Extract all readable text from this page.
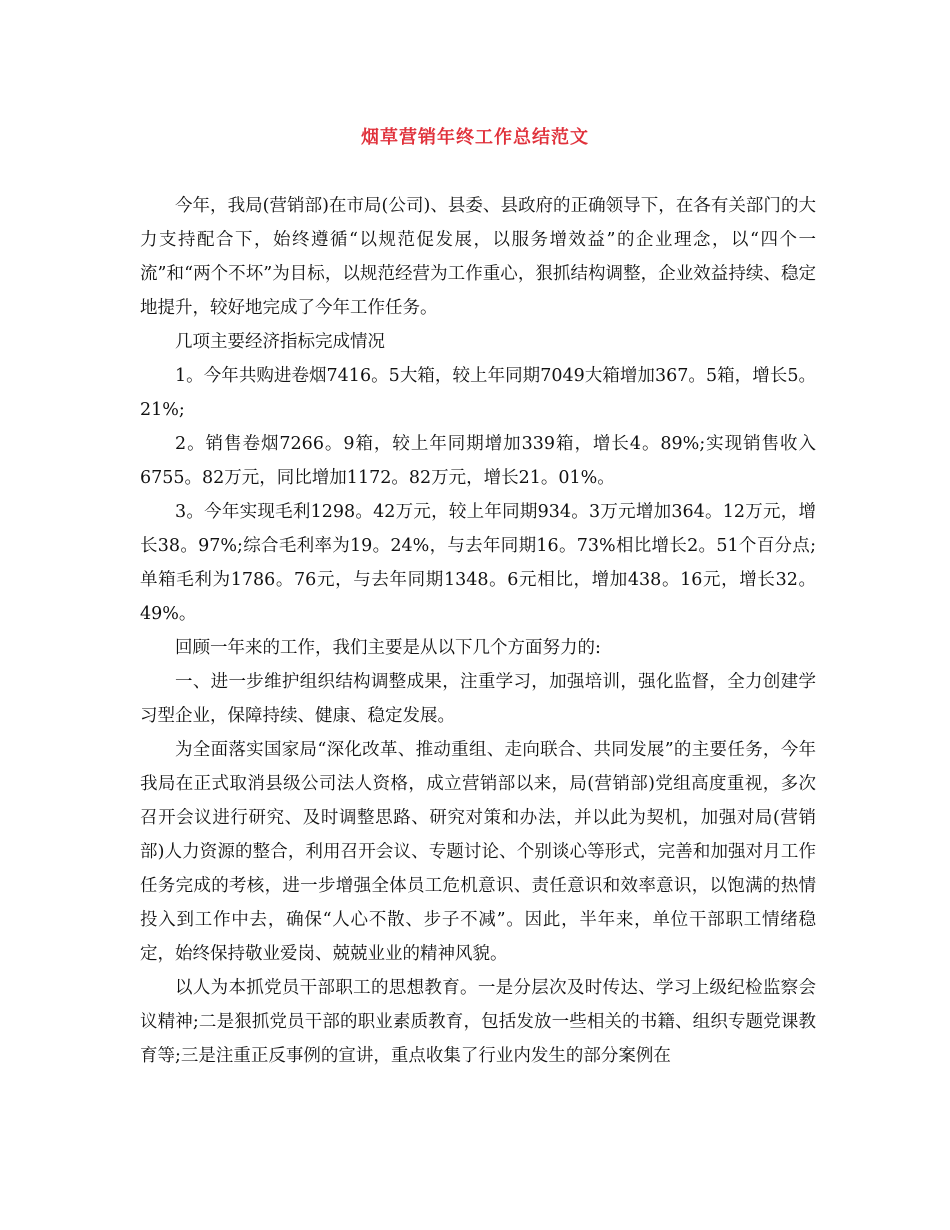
烟草营销年终工作总结范文

今年，我局(营销部)在市局(公司)、县委、县政府的正确领导下，在各有关部门的大力支持配合下，始终遵循“以规范促发展，以服务增效益”的企业理念，以“四个一流”和“两个不坏”为目标，以规范经营为工作重心，狠抓结构调整，企业效益持续、稳定地提升，较好地完成了今年工作任务。

几项主要经济指标完成情况

1。今年共购进卷烟7416。5大箱，较上年同期7049大箱增加367。5箱，增长5。21%;

2。销售卷烟7266。9箱，较上年同期增加339箱，增长4。89%;实现销售收入6755。82万元，同比增加1172。82万元，增长21。01%。

3。今年实现毛利1298。42万元，较上年同期934。3万元增加364。12万元，增长38。97%;综合毛利率为19。24%，与去年同期16。73%相比增长2。51个百分点;单箱毛利为1786。76元，与去年同期1348。6元相比，增加438。16元，增长32。49%。

回顾一年来的工作，我们主要是从以下几个方面努力的:

一、进一步维护组织结构调整成果，注重学习，加强培训，强化监督，全力创建学习型企业，保障持续、健康、稳定发展。

为全面落实国家局“深化改革、推动重组、走向联合、共同发展”的主要任务，今年我局在正式取消县级公司法人资格，成立营销部以来，局(营销部)党组高度重视，多次召开会议进行研究、及时调整思路、研究对策和办法，并以此为契机，加强对局(营销部)人力资源的整合，利用召开会议、专题讨论、个别谈心等形式，完善和加强对月工作任务完成的考核，进一步增强全体员工危机意识、责任意识和效率意识，以饱满的热情投入到工作中去，确保“人心不散、步子不减”。因此，半年来，单位干部职工情绪稳定，始终保持敬业爱岗、兢兢业业的精神风貌。

以人为本抓党员干部职工的思想教育。一是分层次及时传达、学习上级纪检监察会议精神;二是狠抓党员干部的职业素质教育，包括发放一些相关的书籍、组织专题党课教育等;三是注重正反事例的宣讲，重点收集了行业内发生的部分案例在
